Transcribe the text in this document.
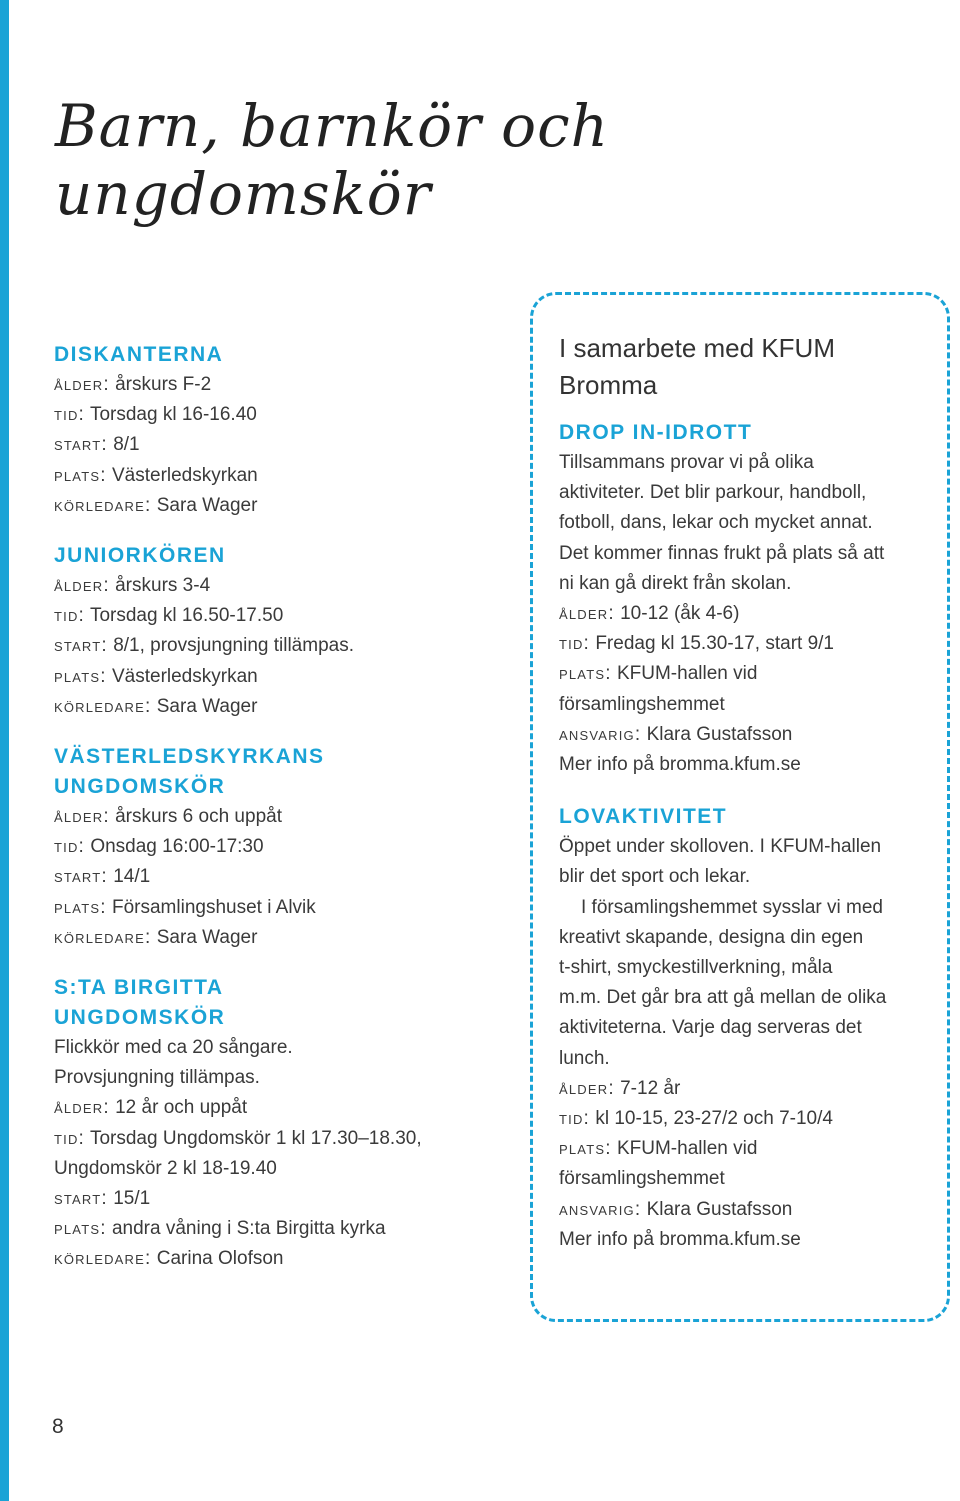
Barn, barnkör och ungdomskör
DISKANTERNA
ålder: årskurs F-2
tid: Torsdag kl 16-16.40
start: 8/1
plats: Västerledskyrkan
körledare: Sara Wager
JUNIORKÖREN
ålder: årskurs 3-4
tid: Torsdag kl 16.50-17.50
start: 8/1, provsjungning tillämpas.
plats: Västerledskyrkan
körledare: Sara Wager
VÄSTERLEDSKYRKANS UNGDOMSKÖR
ålder: årskurs 6 och uppåt
tid: Onsdag 16:00-17:30
start: 14/1
plats: Församlingshuset i Alvik
körledare: Sara Wager
S:TA BIRGITTA UNGDOMSKÖR
Flickkör med ca 20 sångare.
Provsjungning tillämpas.
ålder: 12 år och uppåt
tid: Torsdag Ungdomskör 1 kl 17.30–18.30,
Ungdomskör 2 kl 18-19.40
start: 15/1
plats: andra våning i S:ta Birgitta kyrka
körledare: Carina Olofson
I samarbete med KFUM
Bromma
DROP IN-IDROTT
Tillsammans provar vi på olika
aktiviteter. Det blir parkour, handboll,
fotboll, dans, lekar och mycket annat.
Det kommer finnas frukt på plats så att
ni kan gå direkt från skolan.
ålder: 10-12 (åk 4-6)
tid: Fredag kl 15.30-17, start 9/1
plats: KFUM-hallen vid
församlingshemmet
ansvarig: Klara Gustafsson
Mer info på bromma.kfum.se
LOVAKTIVITET
Öppet under skolloven. I KFUM-hallen
blir det sport och lekar.
I församlingshemmet sysslar vi med
kreativt skapande, designa din egen
t-shirt, smyckestillverkning, måla
m.m. Det går bra att gå mellan de olika
aktiviteterna. Varje dag serveras det
lunch.
ålder: 7-12 år
tid: kl 10-15, 23-27/2 och 7-10/4
plats: KFUM-hallen vid
församlingshemmet
ansvarig: Klara Gustafsson
Mer info på bromma.kfum.se
8
